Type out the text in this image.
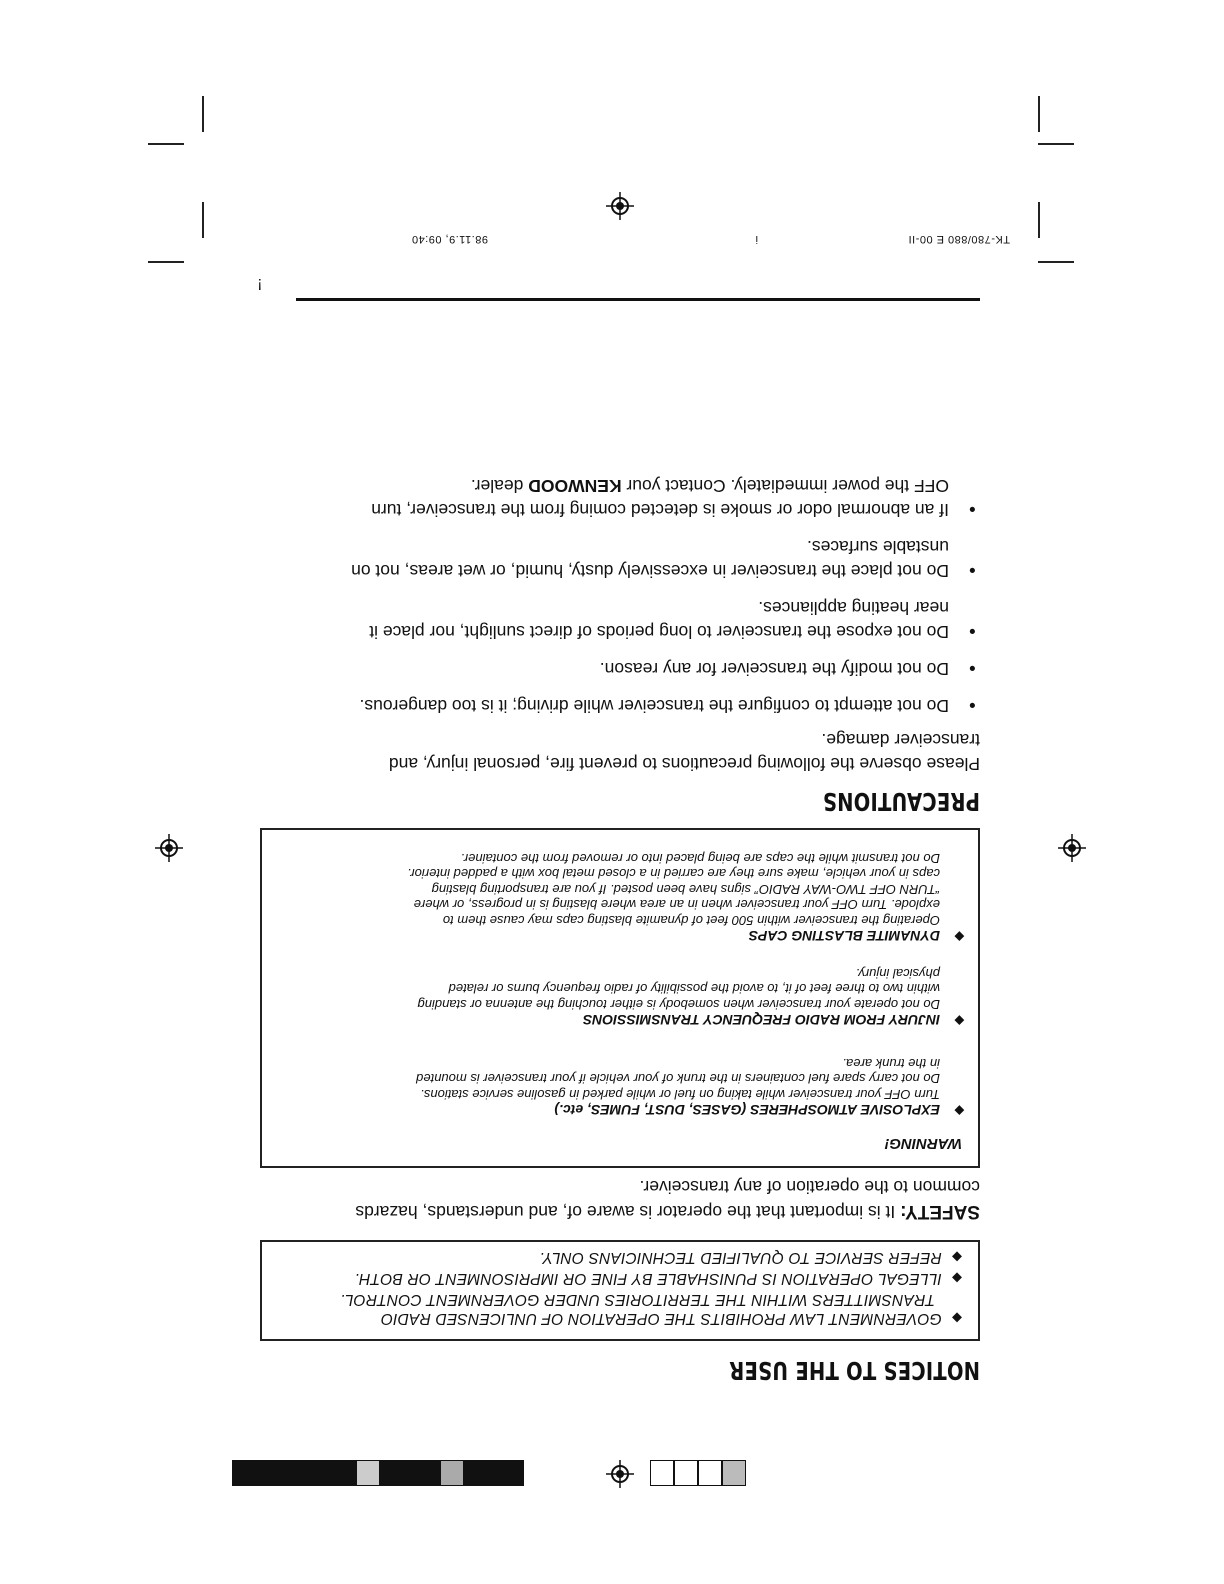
NOTICES TO THE USER
◆GOVERNMENT LAW PROHIBITS THE OPERATION OF UNLICENSED RADIO
TRANSMITTERS WITHIN THE TERRITORIES UNDER GOVERNMENT CONTROL.
◆ILLEGAL OPERATION IS PUNISHABLE BY FINE OR IMPRISONMENT OR BOTH.
◆REFER SERVICE TO QUALIFIED TECHNICIANS ONLY.
SAFETY: It is important that the operator is aware of, and understands, hazards
common to the operation of any transceiver.
WARNING!
◆
EXPLOSIVE ATMOSPHERES (GASES, DUST, FUMES, etc.)
Turn OFF your transceiver while taking on fuel or while parked in gasoline service stations.
Do not carry spare fuel containers in the trunk of your vehicle if your transceiver is mounted
in the trunk area.
◆
INJURY FROM RADIO FREQUENCY TRANSMISSIONS
Do not operate your transceiver when somebody is either touching the antenna or standing
within two to three feet of it, to avoid the possibility of radio frequency burns or related
physical injury.
◆
DYNAMITE BLASTING CAPS
Operating the transceiver within 500 feet of dynamite blasting caps may cause them to
explode. Turn OFF your transceiver when in an area where blasting is in progress, or where
“TURN OFF TWO-WAY RADIO” signs have been posted. If you are transporting blasting
caps in your vehicle, make sure they are carried in a closed metal box with a padded interior.
Do not transmit while the caps are being placed into or removed from the container.
PRECAUTIONS
Please observe the following precautions to prevent fire, personal injury, and
transceiver damage.
●
Do not attempt to configure the transceiver while driving; it is too dangerous.
●
Do not modify the transceiver for any reason.
●
Do not expose the transceiver to long periods of direct sunlight, nor place it
near heating appliances.
●
Do not place the transceiver in excessively dusty, humid, or wet areas, not on
unstable surfaces.
●
If an abnormal odor or smoke is detected coming from the transceiver, turn
OFF the power immediately. Contact your KENWOOD dealer.
TK-780/880 E 00-II
i
98.11.9, 09:40
!
